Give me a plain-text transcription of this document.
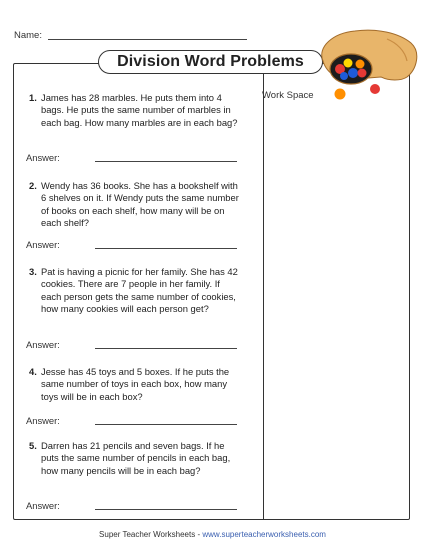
Name:
Division Word Problems
Work Space
1. James has 28 marbles. He puts them into 4 bags. He puts the same number of marbles in each bag. How many marbles are in each bag?
Answer:
2. Wendy has 36 books. She has a bookshelf with 6 shelves on it. If Wendy puts the same number of books on each shelf, how many will be on each shelf?
Answer:
3. Pat is having a picnic for her family. She has 42 cookies. There are 7 people in her family. If each person gets the same number of cookies, how many cookies will each person get?
Answer:
4. Jesse has 45 toys and 5 boxes. If he puts the same number of toys in each box, how many toys will be in each box?
Answer:
5. Darren has 21 pencils and seven bags. If he puts the same number of pencils in each bag, how many pencils will be in each bag?
Answer:
Super Teacher Worksheets - www.superteacherworksheets.com
